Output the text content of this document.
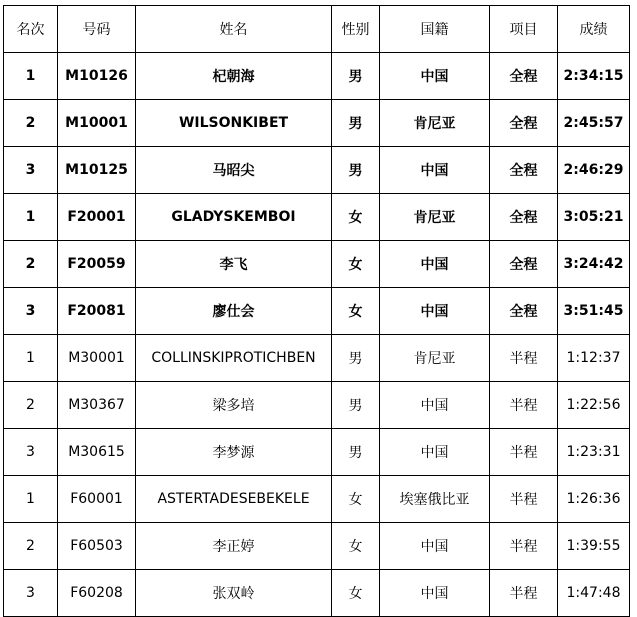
名次	号码	姓名	性别	国籍	项目	成绩
1	M10126	杞朝海	男	中国	全程	2:34:15
2	M10001	WILSONKIBET	男	肯尼亚	全程	2:45:57
3	M10125	马昭尖	男	中国	全程	2:46:29
1	F20001	GLADYSKEMBOI	女	肯尼亚	全程	3:05:21
2	F20059	李飞	女	中国	全程	3:24:42
3	F20081	廖仕会	女	中国	全程	3:51:45
1	M30001	COLLINSKIPROTICHBEN	男	肯尼亚	半程	1:12:37
2	M30367	梁多培	男	中国	半程	1:22:56
3	M30615	李梦源	男	中国	半程	1:23:31
1	F60001	ASTERTADESEBEKELE	女	埃塞俄比亚	半程	1:26:36
2	F60503	李正婷	女	中国	半程	1:39:55
3	F60208	张双岭	女	中国	半程	1:47:48
